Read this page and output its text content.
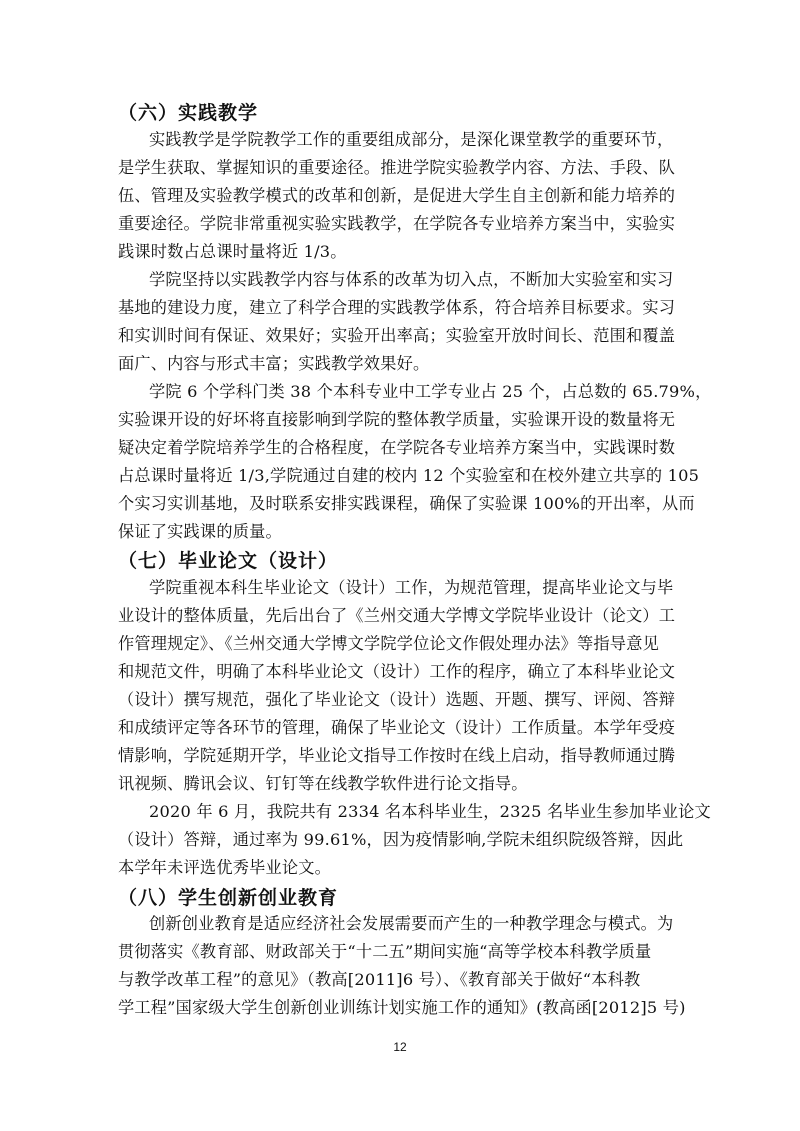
（六）实践教学
实践教学是学院教学工作的重要组成部分，是深化课堂教学的重要环节，
是学生获取、掌握知识的重要途径。推进学院实验教学内容、方法、手段、队
伍、管理及实验教学模式的改革和创新，是促进大学生自主创新和能力培养的
重要途径。学院非常重视实验实践教学，在学院各专业培养方案当中，实验实
践课时数占总课时量将近 1/3。
学院坚持以实践教学内容与体系的改革为切入点，不断加大实验室和实习
基地的建设力度，建立了科学合理的实践教学体系，符合培养目标要求。实习
和实训时间有保证、效果好；实验开出率高；实验室开放时间长、范围和覆盖
面广、内容与形式丰富；实践教学效果好。
学院 6 个学科门类 38 个本科专业中工学专业占 25 个，占总数的 65.79%，
实验课开设的好坏将直接影响到学院的整体教学质量，实验课开设的数量将无
疑决定着学院培养学生的合格程度，在学院各专业培养方案当中，实践课时数
占总课时量将近 1/3,学院通过自建的校内 12 个实验室和在校外建立共享的 105
个实习实训基地，及时联系安排实践课程，确保了实验课 100%的开出率，从而
保证了实践课的质量。
（七）毕业论文（设计）
学院重视本科生毕业论文（设计）工作，为规范管理，提高毕业论文与毕
业设计的整体质量，先后出台了《兰州交通大学博文学院毕业设计（论文）工
作管理规定》、《兰州交通大学博文学院学位论文作假处理办法》等指导意见
和规范文件，明确了本科毕业论文（设计）工作的程序，确立了本科毕业论文
（设计）撰写规范，强化了毕业论文（设计）选题、开题、撰写、评阅、答辩
和成绩评定等各环节的管理，确保了毕业论文（设计）工作质量。本学年受疫
情影响，学院延期开学，毕业论文指导工作按时在线上启动，指导教师通过腾
讯视频、腾讯会议、钉钉等在线教学软件进行论文指导。
2020 年 6 月，我院共有 2334 名本科毕业生，2325 名毕业生参加毕业论文
（设计）答辩，通过率为 99.61%，因为疫情影响,学院未组织院级答辩，因此
本学年未评选优秀毕业论文。
（八）学生创新创业教育
创新创业教育是适应经济社会发展需要而产生的一种教学理念与模式。为
贯彻落实《教育部、财政部关于“十二五”期间实施“高等学校本科教学质量
与教学改革工程”的意见》（教高[2011]6 号）、《教育部关于做好“本科教
学工程”国家级大学生创新创业训练计划实施工作的通知》(教高函[2012]5 号)
12
